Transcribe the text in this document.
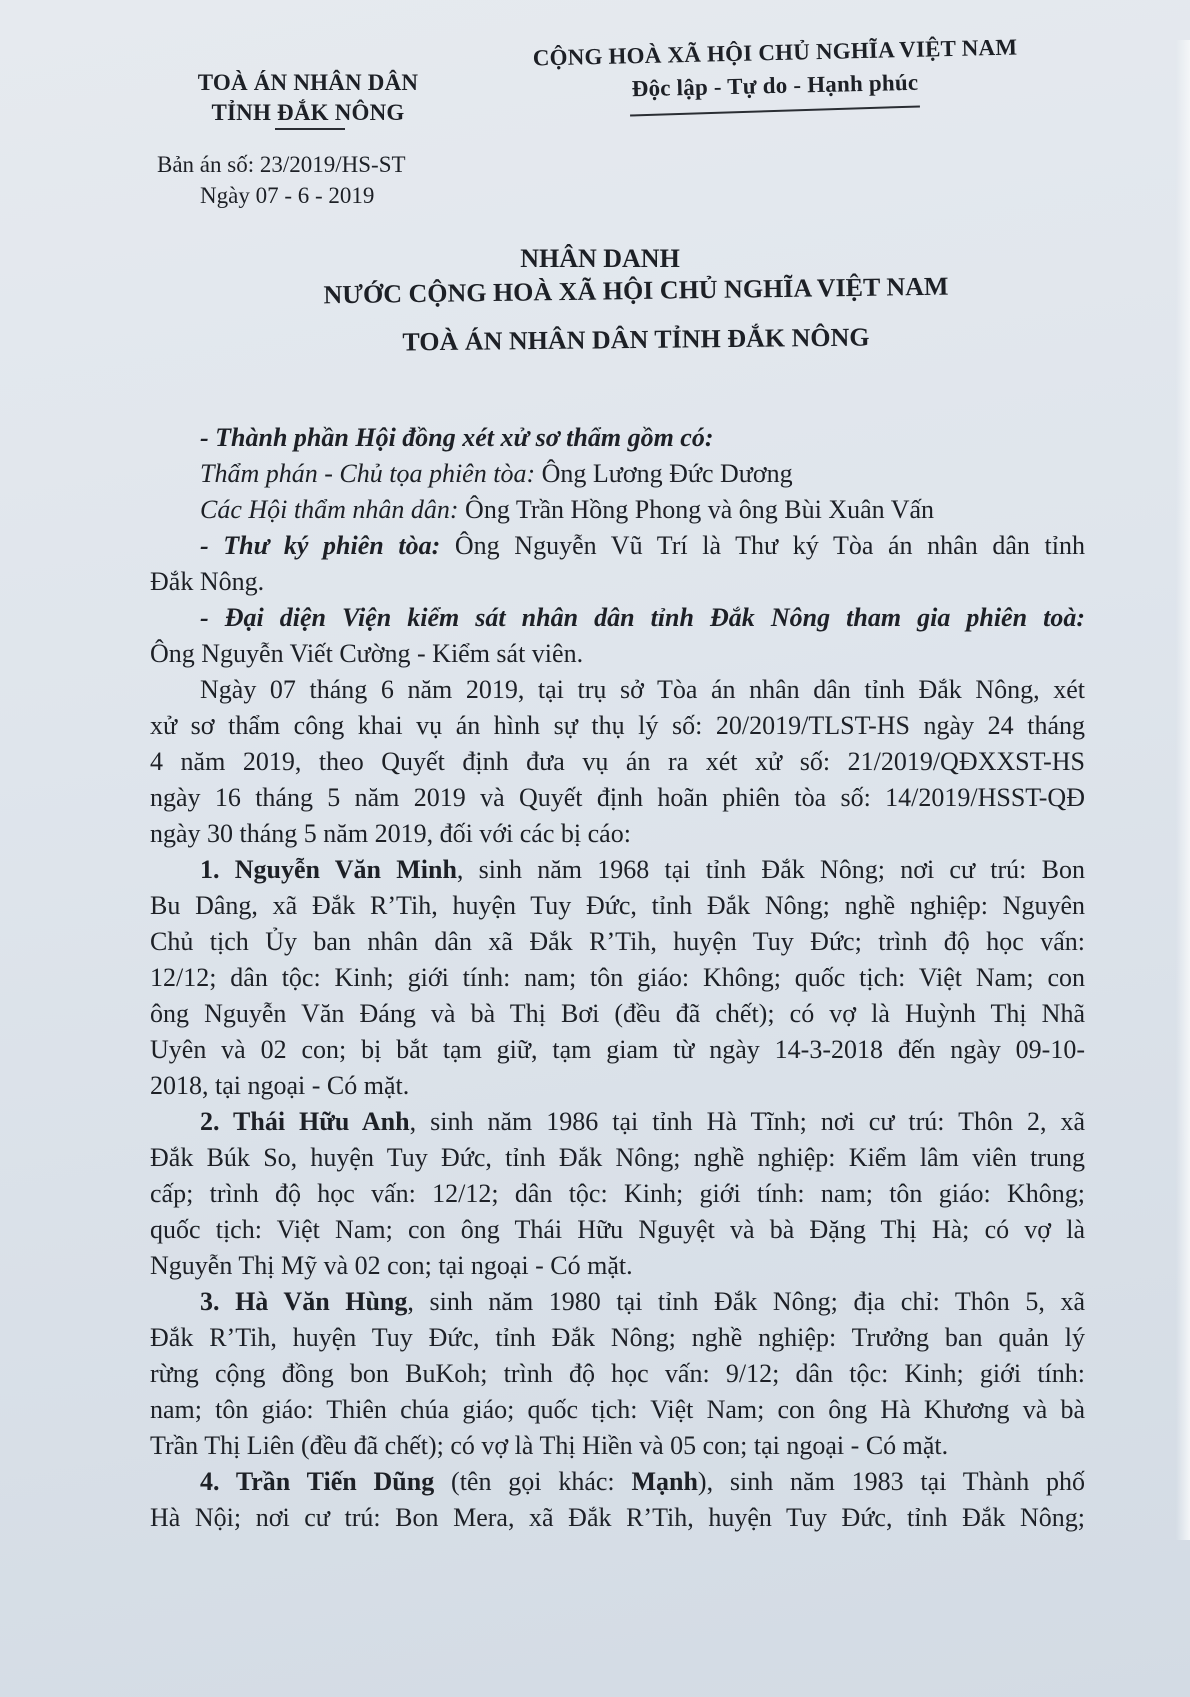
TOÀ ÁN NHÂN DÂN
TỈNH ĐẮK NÔNG
CỘNG HOÀ XÃ HỘI CHỦ NGHĨA VIỆT NAM
Độc lập - Tự do - Hạnh phúc
Bản án số: 23/2019/HS-ST
Ngày 07 - 6 - 2019
NHÂN DANH
NƯỚC CỘNG HOÀ XÃ HỘI CHỦ NGHĨA VIỆT NAM
TOÀ ÁN NHÂN DÂN TỈNH ĐẮK NÔNG
- Thành phần Hội đồng xét xử sơ thẩm gồm có:
Thẩm phán - Chủ tọa phiên tòa: Ông Lương Đức Dương
Các Hội thẩm nhân dân: Ông Trần Hồng Phong và ông Bùi Xuân Vấn
- Thư ký phiên tòa: Ông Nguyễn Vũ Trí là Thư ký Tòa án nhân dân tỉnh
Đắk Nông.
- Đại diện Viện kiểm sát nhân dân tỉnh Đắk Nông tham gia phiên toà:
Ông Nguyễn Viết Cường - Kiểm sát viên.
Ngày 07 tháng 6 năm 2019, tại trụ sở Tòa án nhân dân tỉnh Đắk Nông, xét
xử sơ thẩm công khai vụ án hình sự thụ lý số: 20/2019/TLST-HS ngày 24 tháng
4 năm 2019, theo Quyết định đưa vụ án ra xét xử số: 21/2019/QĐXXST-HS
ngày 16 tháng 5 năm 2019 và Quyết định hoãn phiên tòa số: 14/2019/HSST-QĐ
ngày 30 tháng 5 năm 2019, đối với các bị cáo:
1. Nguyễn Văn Minh, sinh năm 1968 tại tỉnh Đắk Nông; nơi cư trú: Bon
Bu Dâng, xã Đắk R’Tih, huyện Tuy Đức, tỉnh Đắk Nông; nghề nghiệp: Nguyên
Chủ tịch Ủy ban nhân dân xã Đắk R’Tih, huyện Tuy Đức; trình độ học vấn:
12/12; dân tộc: Kinh; giới tính: nam; tôn giáo: Không; quốc tịch: Việt Nam; con
ông Nguyễn Văn Đáng và bà Thị Bơi (đều đã chết); có vợ là Huỳnh Thị Nhã
Uyên và 02 con; bị bắt tạm giữ, tạm giam từ ngày 14-3-2018 đến ngày 09-10-
2018, tại ngoại - Có mặt.
2. Thái Hữu Anh, sinh năm 1986 tại tỉnh Hà Tĩnh; nơi cư trú: Thôn 2, xã
Đắk Búk So, huyện Tuy Đức, tỉnh Đắk Nông; nghề nghiệp: Kiểm lâm viên trung
cấp; trình độ học vấn: 12/12; dân tộc: Kinh; giới tính: nam; tôn giáo: Không;
quốc tịch: Việt Nam; con ông Thái Hữu Nguyệt và bà Đặng Thị Hà; có vợ là
Nguyễn Thị Mỹ và 02 con; tại ngoại - Có mặt.
3. Hà Văn Hùng, sinh năm 1980 tại tỉnh Đắk Nông; địa chỉ: Thôn 5, xã
Đắk R’Tih, huyện Tuy Đức, tỉnh Đắk Nông; nghề nghiệp: Trưởng ban quản lý
rừng cộng đồng bon BuKoh; trình độ học vấn: 9/12; dân tộc: Kinh; giới tính:
nam; tôn giáo: Thiên chúa giáo; quốc tịch: Việt Nam; con ông Hà Khương và bà
Trần Thị Liên (đều đã chết); có vợ là Thị Hiền và 05 con; tại ngoại - Có mặt.
4. Trần Tiến Dũng (tên gọi khác: Mạnh), sinh năm 1983 tại Thành phố
Hà Nội; nơi cư trú: Bon Mera, xã Đắk R’Tih, huyện Tuy Đức, tỉnh Đắk Nông;
